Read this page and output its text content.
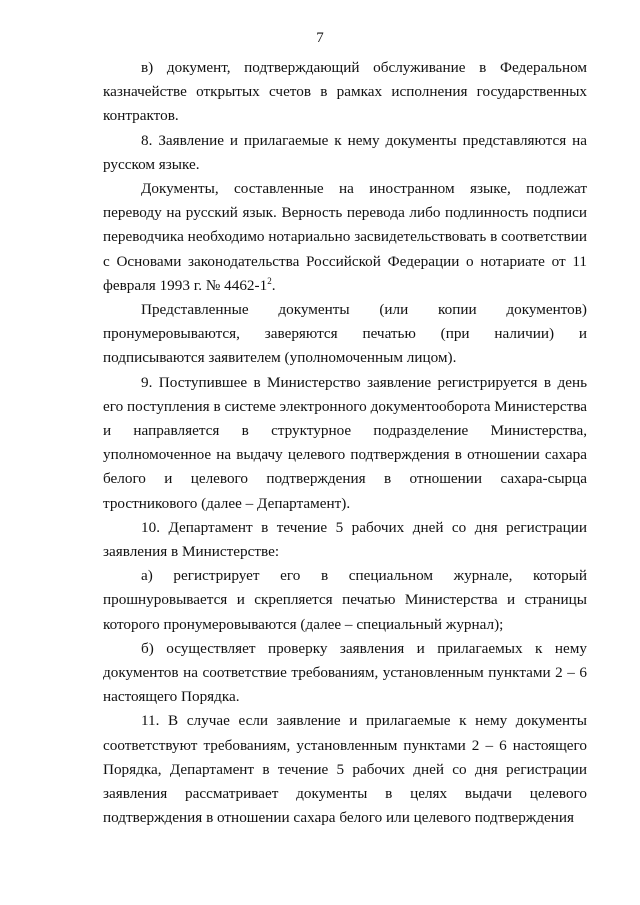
7

в) документ, подтверждающий обслуживание в Федеральном казначействе открытых счетов в рамках исполнения государственных контрактов.

8. Заявление и прилагаемые к нему документы представляются на русском языке.

Документы, составленные на иностранном языке, подлежат переводу на русский язык. Верность перевода либо подлинность подписи переводчика необходимо нотариально засвидетельствовать в соответствии с Основами законодательства Российской Федерации о нотариате от 11 февраля 1993 г. № $4462-1^2$.

Представленные документы (или копии документов) пронумеровываются, заверяются печатью (при наличии) и подписываются заявителем (уполномоченным лицом).

9. Поступившее в Министерство заявление регистрируется в день его поступления в системе электронного документооборота Министерства и направляется в структурное подразделение Министерства, уполномоченное на выдачу целевого подтверждения в отношении сахара белого и целевого подтверждения в отношении сахара-сырца тростникового (далее – Департамент).

10. Департамент в течение 5 рабочих дней со дня регистрации заявления в Министерстве:

а) регистрирует его в специальном журнале, который прошнуровывается и скрепляется печатью Министерства и страницы которого пронумеровываются (далее – специальный журнал);

б) осуществляет проверку заявления и прилагаемых к нему документов на соответствие требованиям, установленным пунктами 2 – 6 настоящего Порядка.

11. В случае если заявление и прилагаемые к нему документы соответствуют требованиям, установленным пунктами 2 – 6 настоящего Порядка, Департамент в течение 5 рабочих дней со дня регистрации заявления рассматривает документы в целях выдачи целевого подтверждения в отношении сахара белого или целевого подтверждения
